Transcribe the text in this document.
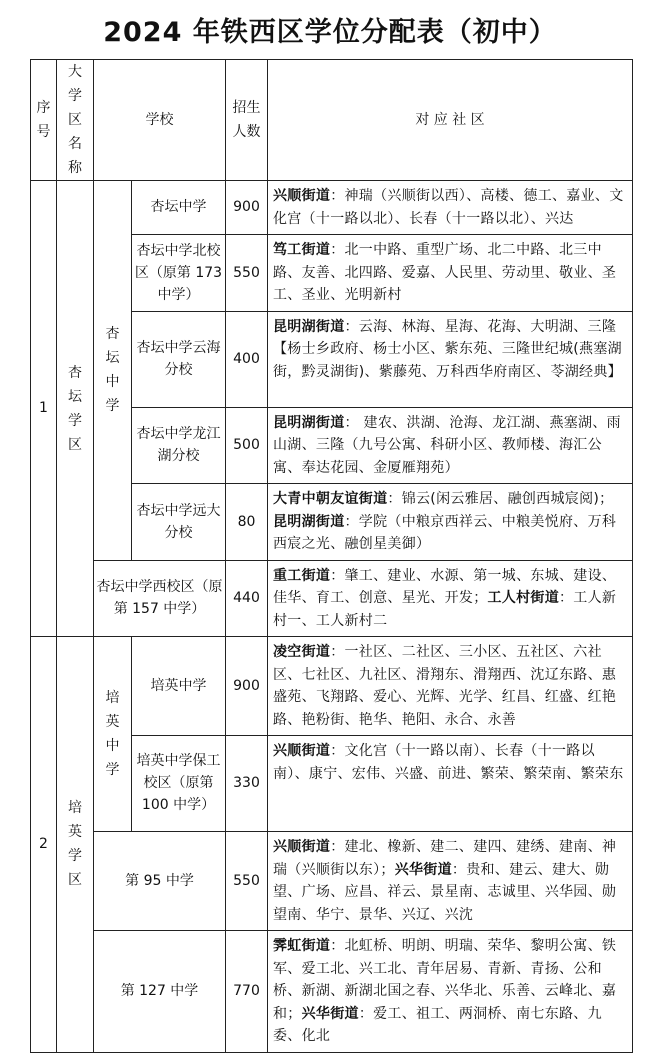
2024 年铁西区学位分配表（初中）
序号	大学区名称	学校		招生人数	对 应 社 区
1	杏坛学区	杏坛中学	杏坛中学	900	兴顺街道：神瑞（兴顺街以西）、高楼、德工、嘉业、文化宫（十一路以北）、长春（十一路以北）、兴达
			杏坛中学北校区（原第 173 中学）	550	笃工街道：北一中路、重型广场、北二中路、北三中路、友善、北四路、爱嘉、人民里、劳动里、敬业、圣工、圣业、光明新村
			杏坛中学云海分校	400	昆明湖街道：云海、林海、星海、花海、大明湖、三隆【杨士乡政府、杨士小区、紫东苑、三隆世纪城(燕塞湖街，黔灵湖街)、紫藤苑、万科西华府南区、苓湖经典】
			杏坛中学龙江湖分校	500	昆明湖街道： 建农、洪湖、沧海、龙江湖、燕塞湖、雨山湖、三隆（九号公寓、科研小区、教师楼、海汇公寓、奉达花园、金厦雁翔苑）
			杏坛中学远大分校	80	大青中朝友谊街道：锦云(闲云雅居、融创西城宸阅)；
昆明湖街道：学院（中粮京西祥云、中粮美悦府、万科西宸之光、融创星美御）
		杏坛中学西校区（原第 157 中学）		440	重工街道：肇工、建业、水源、第一城、东城、建设、佳华、育工、创意、星光、开发；工人村街道：工人新村一、工人新村二
2	培英学区	培英中学	培英中学	900	凌空街道：一社区、二社区、三小区、五社区、六社区、七社区、九社区、滑翔东、滑翔西、沈辽东路、惠盛苑、飞翔路、爱心、光辉、光学、红昌、红盛、红艳路、艳粉街、艳华、艳阳、永合、永善
			培英中学保工校区（原第 100 中学）	330	兴顺街道：文化宫（十一路以南）、长春（十一路以南）、康宁、宏伟、兴盛、前进、繁荣、繁荣南、繁荣东
		第 95 中学		550	兴顺街道：建北、橡新、建二、建四、建绣、建南、神瑞（兴顺街以东）；兴华街道：贵和、建云、建大、勋望、广场、应昌、祥云、景星南、志诚里、兴华园、勋望南、华宁、景华、兴辽、兴沈
		第 127 中学		770	霁虹街道：北虹桥、明朗、明瑞、荣华、黎明公寓、铁军、爱工北、兴工北、青年居易、青新、青扬、公和桥、新湖、新湖北国之春、兴华北、乐善、云峰北、嘉和；兴华街道：爱工、祖工、两洞桥、南七东路、九委、化北
